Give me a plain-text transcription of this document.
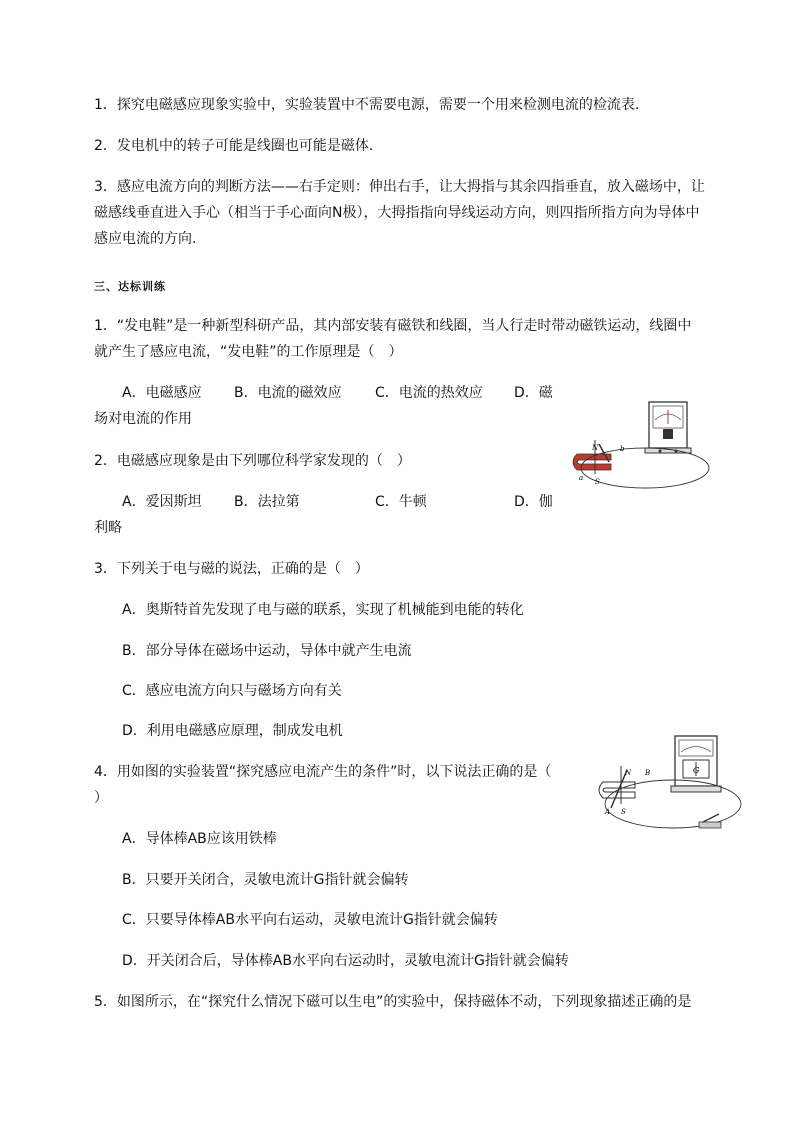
1．探究电磁感应现象实验中，实验装置中不需要电源，需要一个用来检测电流的检流表．
2．发电机中的转子可能是线圈也可能是磁体．
3．感应电流方向的判断方法——右手定则：伸出右手，让大拇指与其余四指垂直，放入磁场中，让
磁感线垂直进入手心（相当于手心面向N极），大拇指指向导线运动方向，则四指所指方向为导体中
感应电流的方向．
三、达标训练
1．“发电鞋”是一种新型科研产品，其内部安装有磁铁和线圈，当人行走时带动磁铁运动，线圈中
就产生了感应电流，“发电鞋”的工作原理是（　）
A．电磁感应 B．电流的磁效应 C．电流的热效应 D．磁
场对电流的作用
2．电磁感应现象是由下列哪位科学家发现的（　）
A．爱因斯坦 B．法拉第	C．牛顿	D．伽
利略
N
S
a
b
3．下列关于电与磁的说法，正确的是（　）
A．奥斯特首先发现了电与磁的联系，实现了机械能到电能的转化
B．部分导体在磁场中运动，导体中就产生电流
C．感应电流方向只与磁场方向有关
D．利用电磁感应原理，制成发电机
4．用如图的实验装置“探究感应电流产生的条件”时，以下说法正确的是（
）
A．导体棒AB应该用铁棒
B．只要开关闭合，灵敏电流计G指针就会偏转
C．只要导体棒AB水平向右运动，灵敏电流计G指针就会偏转
D．开关闭合后，导体棒AB水平向右运动时，灵敏电流计G指针就会偏转
N
S
A
B	G
5．如图所示，在“探究什么情况下磁可以生电”的实验中，保持磁体不动，下列现象描述正确的是
